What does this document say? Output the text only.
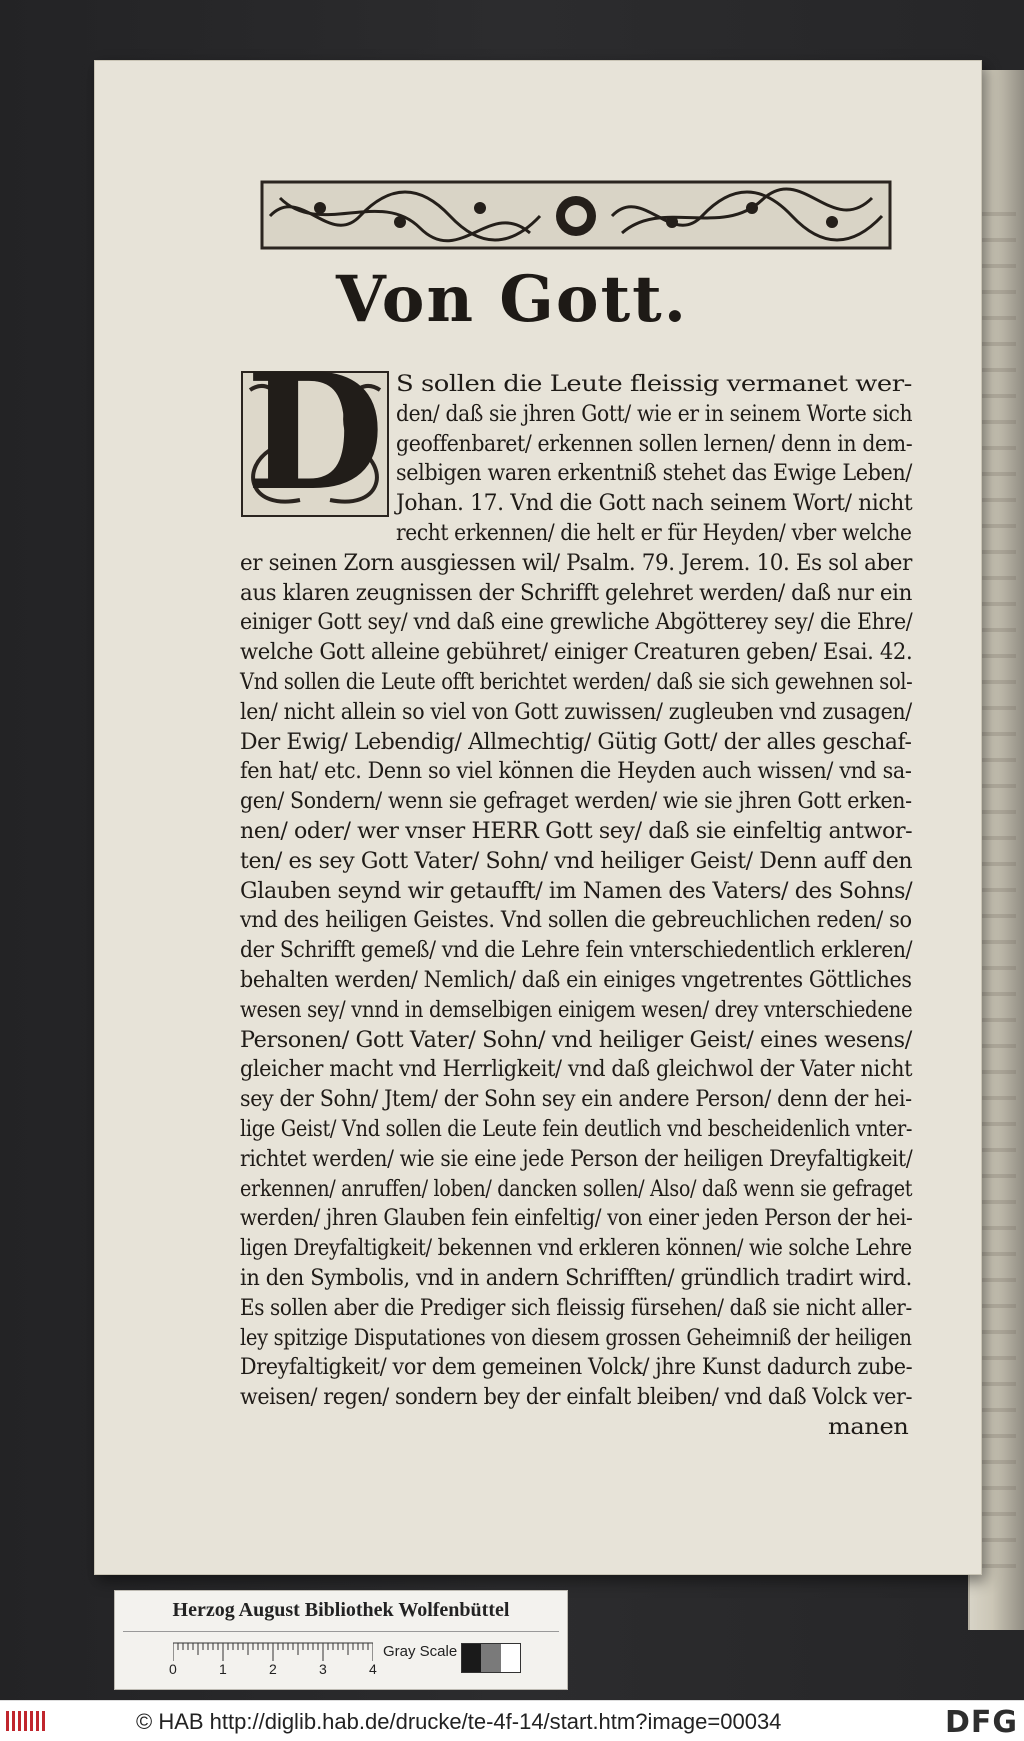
Von Gott.
D S sollen die Leute fleissig vermanet wer-
den/ daß sie jhren Gott/ wie er in seinem Worte sich
geoffenbaret/ erkennen sollen lernen/ denn in dem-
selbigen waren erkentniß stehet das Ewige Leben/
Johan. 17. Vnd die Gott nach seinem Wort/ nicht
recht erkennen/ die helt er für Heyden/ vber welche
er seinen Zorn ausgiessen wil/ Psalm. 79. Jerem. 10. Es sol aber
aus klaren zeugnissen der Schrifft gelehret werden/ daß nur ein
einiger Gott sey/ vnd daß eine grewliche Abgötterey sey/ die Ehre/
welche Gott alleine gebühret/ einiger Creaturen geben/ Esai. 42.
Vnd sollen die Leute offt berichtet werden/ daß sie sich gewehnen sol-
len/ nicht allein so viel von Gott zuwissen/ zugleuben vnd zusagen/
Der Ewig/ Lebendig/ Allmechtig/ Gütig Gott/ der alles geschaf-
fen hat/ etc. Denn so viel können die Heyden auch wissen/ vnd sa-
gen/ Sondern/ wenn sie gefraget werden/ wie sie jhren Gott erken-
nen/ oder/ wer vnser HERR Gott sey/ daß sie einfeltig antwor-
ten/ es sey Gott Vater/ Sohn/ vnd heiliger Geist/ Denn auff den
Glauben seynd wir getaufft/ im Namen des Vaters/ des Sohns/
vnd des heiligen Geistes. Vnd sollen die gebreuchlichen reden/ so
der Schrifft gemeß/ vnd die Lehre fein vnterschiedentlich erkleren/
behalten werden/ Nemlich/ daß ein einiges vngetrentes Göttliches
wesen sey/ vnnd in demselbigen einigem wesen/ drey vnterschiedene
Personen/ Gott Vater/ Sohn/ vnd heiliger Geist/ eines wesens/
gleicher macht vnd Herrligkeit/ vnd daß gleichwol der Vater nicht
sey der Sohn/ Jtem/ der Sohn sey ein andere Person/ denn der hei-
lige Geist/ Vnd sollen die Leute fein deutlich vnd bescheidenlich vnter-
richtet werden/ wie sie eine jede Person der heiligen Dreyfaltigkeit/
erkennen/ anruffen/ loben/ dancken sollen/ Also/ daß wenn sie gefraget
werden/ jhren Glauben fein einfeltig/ von einer jeden Person der hei-
ligen Dreyfaltigkeit/ bekennen vnd erkleren können/ wie solche Lehre
in den Symbolis, vnd in andern Schrifften/ gründlich tradirt wird.
Es sollen aber die Prediger sich fleissig fürsehen/ daß sie nicht aller-
ley spitzige Disputationes von diesem grossen Geheimniß der heiligen
Dreyfaltigkeit/ vor dem gemeinen Volck/ jhre Kunst dadurch zube-
weisen/ regen/ sondern bey der einfalt bleiben/ vnd daß Volck ver-
manen
Herzog August Bibliothek Wolfenbüttel
0	1	2	3	4
Gray Scale
© HAB http://diglib.hab.de/drucke/te-4f-14/start.htm?image=00034	DFG
